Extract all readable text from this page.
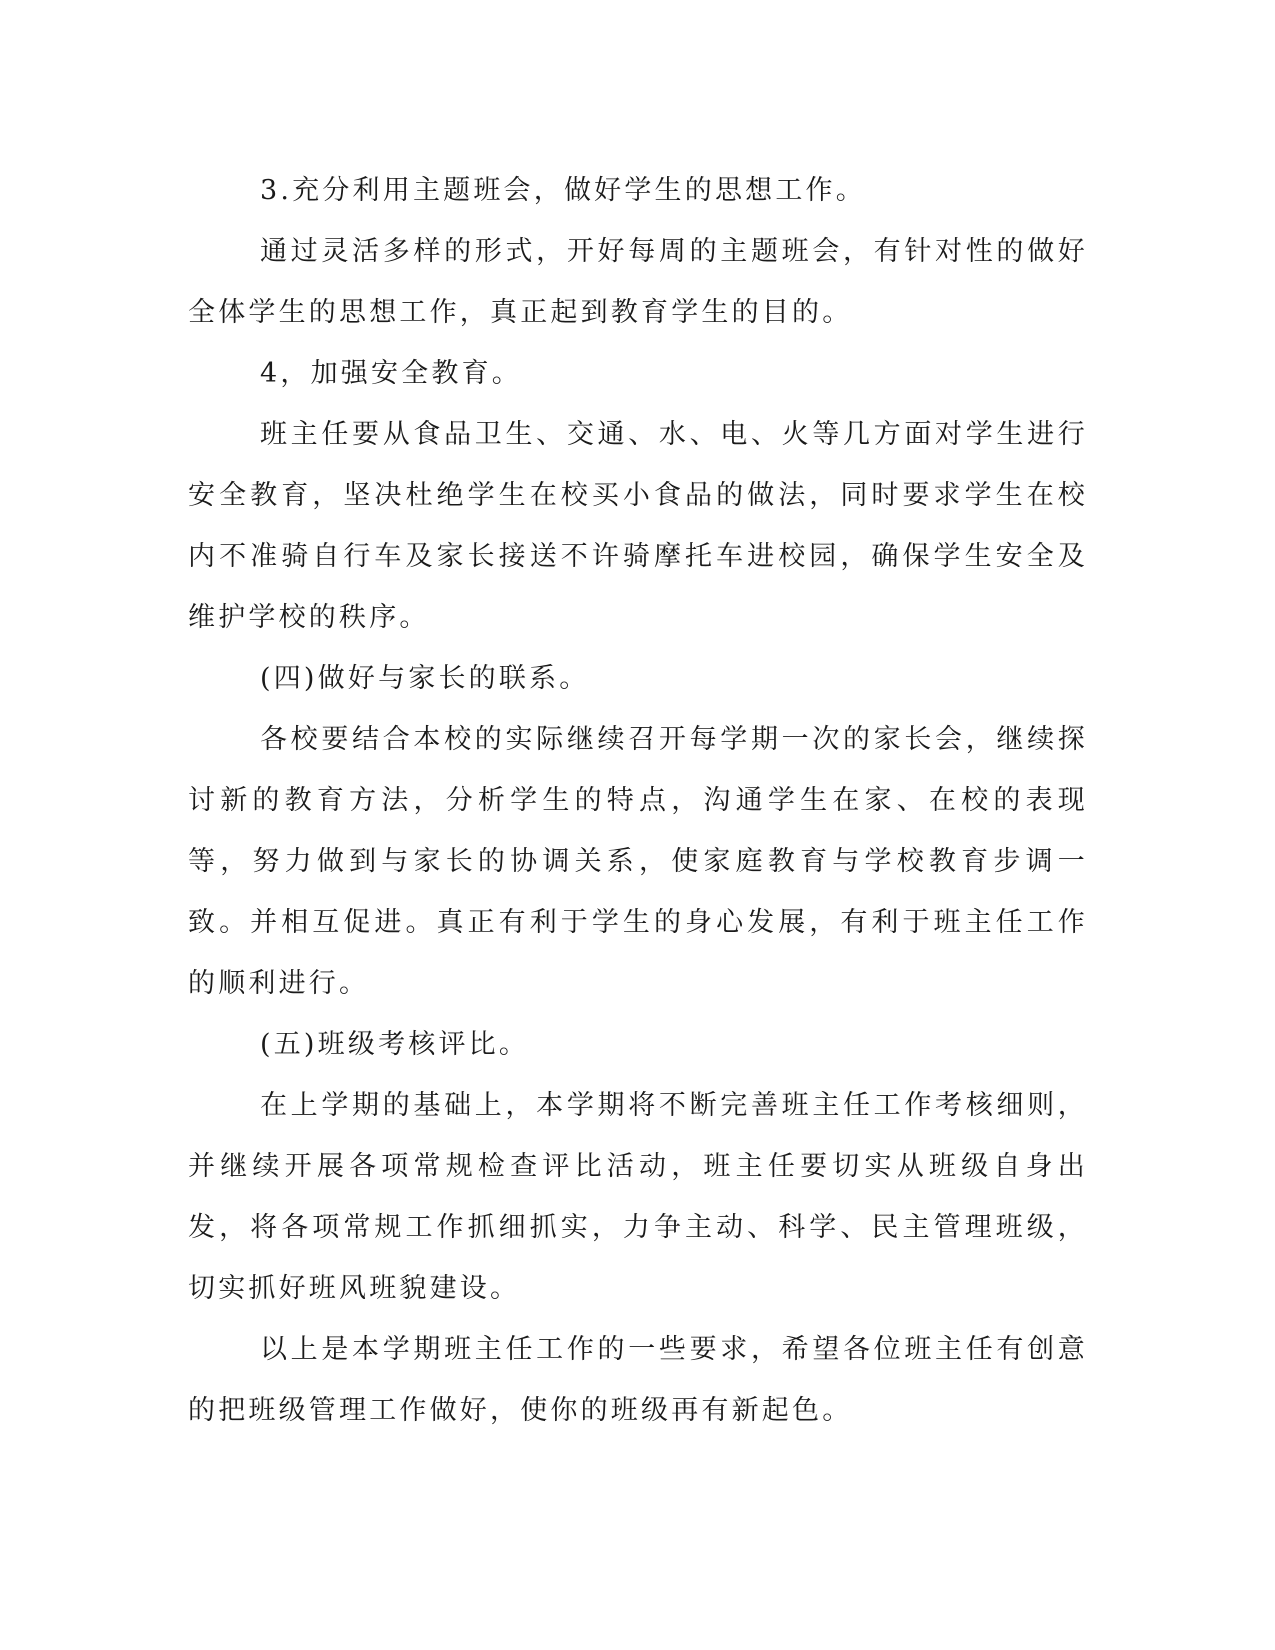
3.充分利用主题班会，做好学生的思想工作。

通过灵活多样的形式，开好每周的主题班会，有针对性的做好全体学生的思想工作，真正起到教育学生的目的。

4，加强安全教育。

班主任要从食品卫生、交通、水、电、火等几方面对学生进行安全教育，坚决杜绝学生在校买小食品的做法，同时要求学生在校内不准骑自行车及家长接送不许骑摩托车进校园，确保学生安全及维护学校的秩序。

(四)做好与家长的联系。

各校要结合本校的实际继续召开每学期一次的家长会，继续探讨新的教育方法，分析学生的特点，沟通学生在家、在校的表现等，努力做到与家长的协调关系，使家庭教育与学校教育步调一致。并相互促进。真正有利于学生的身心发展，有利于班主任工作的顺利进行。

(五)班级考核评比。

在上学期的基础上，本学期将不断完善班主任工作考核细则，并继续开展各项常规检查评比活动，班主任要切实从班级自身出发，将各项常规工作抓细抓实，力争主动、科学、民主管理班级，切实抓好班风班貌建设。

以上是本学期班主任工作的一些要求，希望各位班主任有创意的把班级管理工作做好，使你的班级再有新起色。
